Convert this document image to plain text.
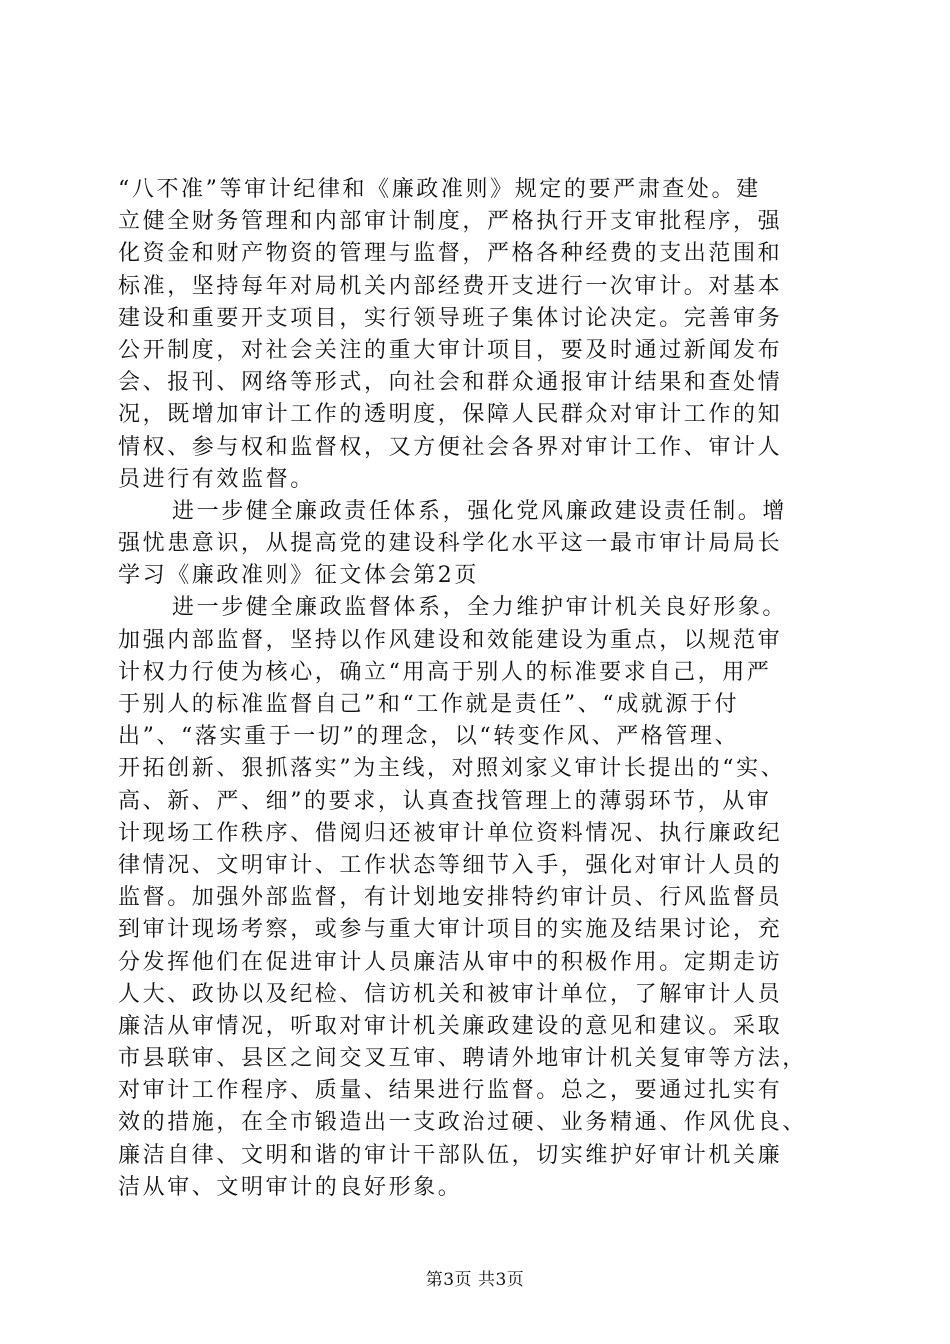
“八不准”等审计纪律和《廉政准则》规定的要严肃查处。建
立健全财务管理和内部审计制度，严格执行开支审批程序，强
化资金和财产物资的管理与监督，严格各种经费的支出范围和
标准，坚持每年对局机关内部经费开支进行一次审计。对基本
建设和重要开支项目，实行领导班子集体讨论决定。完善审务
公开制度，对社会关注的重大审计项目，要及时通过新闻发布
会、报刊、网络等形式，向社会和群众通报审计结果和查处情
况，既增加审计工作的透明度，保障人民群众对审计工作的知
情权、参与权和监督权，又方便社会各界对审计工作、审计人
员进行有效监督。
进一步健全廉政责任体系，强化党风廉政建设责任制。增
强忧患意识，从提高党的建设科学化水平这一最市审计局局长
学习《廉政准则》征文体会第2页
进一步健全廉政监督体系，全力维护审计机关良好形象。
加强内部监督，坚持以作风建设和效能建设为重点，以规范审
计权力行使为核心，确立“用高于别人的标准要求自己，用严
于别人的标准监督自己”和“工作就是责任”、“成就源于付
出”、“落实重于一切”的理念，以“转变作风、严格管理、
开拓创新、狠抓落实”为主线，对照刘家义审计长提出的“实、
高、新、严、细”的要求，认真查找管理上的薄弱环节，从审
计现场工作秩序、借阅归还被审计单位资料情况、执行廉政纪
律情况、文明审计、工作状态等细节入手，强化对审计人员的
监督。加强外部监督，有计划地安排特约审计员、行风监督员
到审计现场考察，或参与重大审计项目的实施及结果讨论，充
分发挥他们在促进审计人员廉洁从审中的积极作用。定期走访
人大、政协以及纪检、信访机关和被审计单位，了解审计人员
廉洁从审情况，听取对审计机关廉政建设的意见和建议。采取
市县联审、县区之间交叉互审、聘请外地审计机关复审等方法，
对审计工作程序、质量、结果进行监督。总之，要通过扎实有
效的措施，在全市锻造出一支政治过硬、业务精通、作风优良、
廉洁自律、文明和谐的审计干部队伍，切实维护好审计机关廉
洁从审、文明审计的良好形象。
第3页 共3页
